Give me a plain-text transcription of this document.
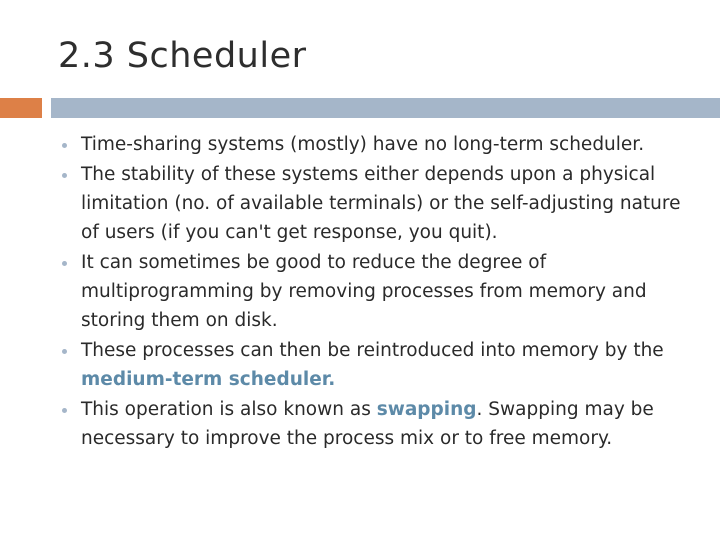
2.3 Scheduler
Time-sharing systems (mostly) have no long-term scheduler.
The stability of these systems either depends upon a physical limitation (no. of available terminals) or the self-adjusting nature of users (if you can't get response, you quit).
It can sometimes be good to reduce the degree of multiprogramming by removing processes from memory and storing them on disk.
These processes can then be reintroduced into memory by the medium-term scheduler.
This operation is also known as swapping. Swapping may be necessary to improve the process mix or to free memory.
